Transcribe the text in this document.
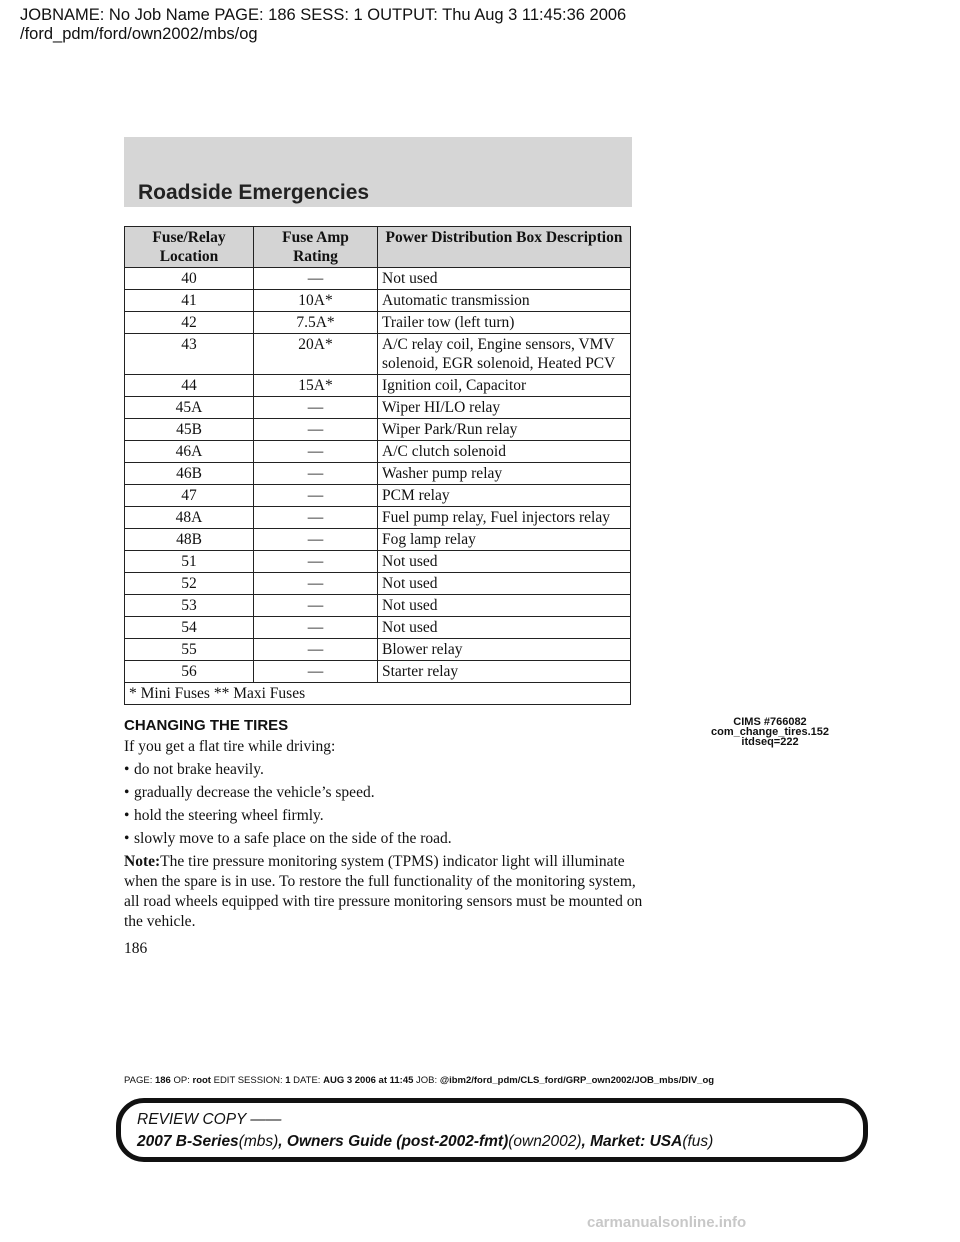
JOBNAME: No Job Name PAGE: 186 SESS: 1 OUTPUT: Thu Aug 3 11:45:36 2006
/ford_pdm/ford/own2002/mbs/og
Roadside Emergencies
Fuse/Relay Location	Fuse Amp Rating	Power Distribution Box Description
40	—	Not used
41	10A*	Automatic transmission
42	7.5A*	Trailer tow (left turn)
43	20A*	A/C relay coil, Engine sensors, VMV solenoid, EGR solenoid, Heated PCV
44	15A*	Ignition coil, Capacitor
45A	—	Wiper HI/LO relay
45B	—	Wiper Park/Run relay
46A	—	A/C clutch solenoid
46B	—	Washer pump relay
47	—	PCM relay
48A	—	Fuel pump relay, Fuel injectors relay
48B	—	Fog lamp relay
51	—	Not used
52	—	Not used
53	—	Not used
54	—	Not used
55	—	Blower relay
56	—	Starter relay
* Mini Fuses ** Maxi Fuses		
CIMS #766082
com_change_tires.152
itdseq=222
CHANGING THE TIRES

If you get a flat tire while driving:

• do not brake heavily.
• gradually decrease the vehicle’s speed.
• hold the steering wheel firmly.
• slowly move to a safe place on the side of the road.

Note:The tire pressure monitoring system (TPMS) indicator light will illuminate when the spare is in use. To restore the full functionality of the monitoring system, all road wheels equipped with tire pressure monitoring sensors must be mounted on the vehicle.

186
PAGE: 186 OP: root EDIT SESSION: 1 DATE: AUG 3 2006 at 11:45 JOB: @ibm2/ford_pdm/CLS_ford/GRP_own2002/JOB_mbs/DIV_og
REVIEW COPY ——
2007 B-Series(mbs), Owners Guide (post-2002-fmt)(own2002), Market: USA(fus)
carmanualsonline.info
